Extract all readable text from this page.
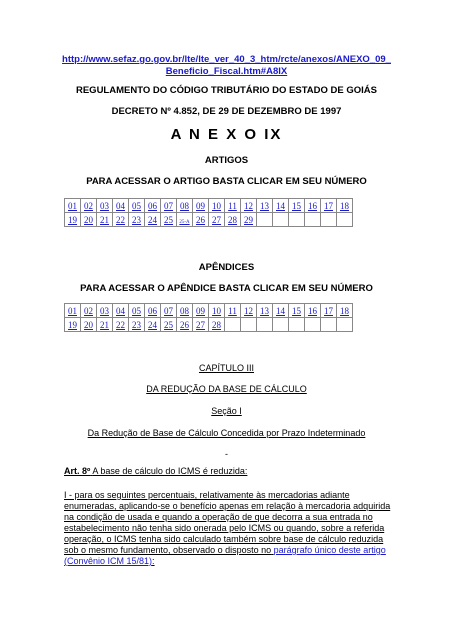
http://www.sefaz.go.gov.br/lte/lte_ver_40_3_htm/rcte/anexos/ANEXO_09_
Beneficio_Fiscal.htm#A8IX
REGULAMENTO DO CÓDIGO TRIBUTÁRIO DO ESTADO DE GOIÁS
DECRETO Nº 4.852, DE 29 DE DEZEMBRO DE 1997
A N E X O IX
ARTIGOS
PARA ACESSAR O ARTIGO BASTA CLICAR EM SEU NÚMERO
01	02	03	04	05	06	07	08	09	10	11	12	13	14	15	16	17	18
19	20	21	22	23	24	25	25-A	26	27	28	29						
APÊNDICES
PARA ACESSAR O APÊNDICE BASTA CLICAR EM SEU NÚMERO
01	02	03	04	05	06	07	08	09	10	11	12	13	14	15	16	17	18
19	20	21	22	23	24	25	26	27	28								
CAPÍTULO III
DA REDUÇÃO DA BASE DE CÁLCULO
Seção I
Da Redução de Base de Cálculo Concedida por Prazo Indeterminado
-
Art. 8º A base de cálculo do ICMS é reduzida:
I - para os seguintes percentuais, relativamente às mercadorias adiante enumeradas, aplicando-se o benefício apenas em relação à mercadoria adquirida na condição de usada e quando a operação de que decorra a sua entrada no estabelecimento não tenha sido onerada pelo ICMS ou quando, sobre a referida operação, o ICMS tenha sido calculado também sobre base de cálculo reduzida sob o mesmo fundamento, observado o disposto no parágrafo único deste artigo (Convênio ICM 15/81):
